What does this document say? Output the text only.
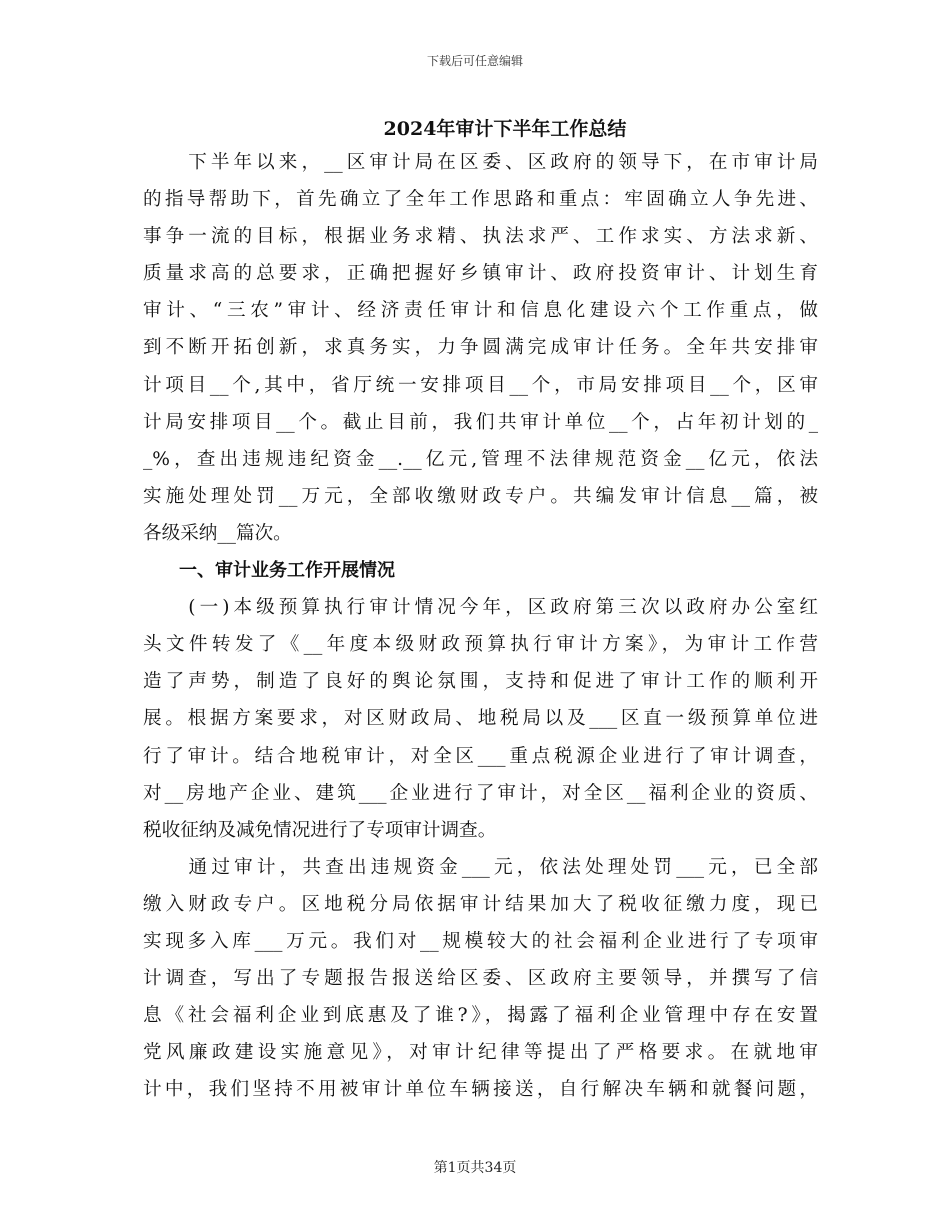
下载后可任意编辑
2024年审计下半年工作总结
　　下半年以来，__区审计局在区委、区政府的领导下，在市审计局
的指导帮助下，首先确立了全年工作思路和重点：牢固确立人争先进、
事争一流的目标，根据业务求精、执法求严、工作求实、方法求新、
质量求高的总要求，正确把握好乡镇审计、政府投资审计、计划生育
审计、“三农”审计、经济责任审计和信息化建设六个工作重点，做
到不断开拓创新，求真务实，力争圆满完成审计任务。全年共安排审
计项目__个,其中，省厅统一安排项目__个，市局安排项目__个，区审
计局安排项目__个。截止目前，我们共审计单位__个，占年初计划的_
_%，查出违规违纪资金__.__亿元,管理不法律规范资金__亿元，依法
实施处理处罚__万元，全部收缴财政专户。共编发审计信息__篇，被
各级采纳__篇次。
　　一、审计业务工作开展情况
　　(一)本级预算执行审计情况今年，区政府第三次以政府办公室红
头文件转发了《__年度本级财政预算执行审计方案》，为审计工作营
造了声势，制造了良好的舆论氛围，支持和促进了审计工作的顺利开
展。根据方案要求，对区财政局、地税局以及___区直一级预算单位进
行了审计。结合地税审计，对全区___重点税源企业进行了审计调查，
对__房地产企业、建筑___企业进行了审计，对全区__福利企业的资质、
税收征纳及减免情况进行了专项审计调查。
　　通过审计，共查出违规资金___元，依法处理处罚___元，已全部
缴入财政专户。区地税分局依据审计结果加大了税收征缴力度，现已
实现多入库___万元。我们对__规模较大的社会福利企业进行了专项审
计调查，写出了专题报告报送给区委、区政府主要领导，并撰写了信
息《社会福利企业到底惠及了谁?》，揭露了福利企业管理中存在安置
党风廉政建设实施意见》，对审计纪律等提出了严格要求。在就地审
计中，我们坚持不用被审计单位车辆接送，自行解决车辆和就餐问题，
第1页共34页
